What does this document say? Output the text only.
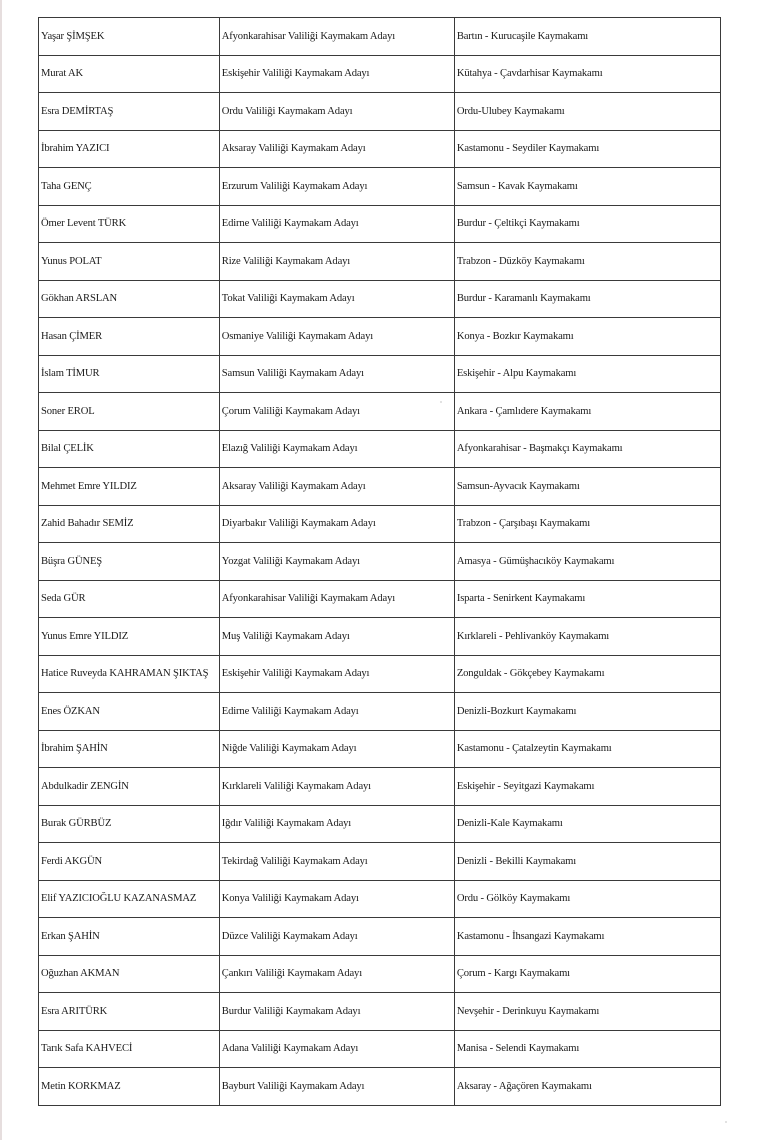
Yaşar ŞİMŞEK	Afyonkarahisar Valiliği Kaymakam Adayı	Bartın - Kurucaşile Kaymakamı
Murat AK	Eskişehir Valiliği Kaymakam Adayı	Kütahya - Çavdarhisar Kaymakamı
Esra DEMİRTAŞ	Ordu Valiliği Kaymakam Adayı	Ordu-Ulubey Kaymakamı
İbrahim YAZICI	Aksaray Valiliği Kaymakam Adayı	Kastamonu - Seydiler Kaymakamı
Taha GENÇ	Erzurum Valiliği Kaymakam Adayı	Samsun - Kavak Kaymakamı
Ömer Levent TÜRK	Edirne Valiliği Kaymakam Adayı	Burdur - Çeltikçi Kaymakamı
Yunus POLAT	Rize Valiliği Kaymakam Adayı	Trabzon - Düzköy Kaymakamı
Gökhan ARSLAN	Tokat Valiliği Kaymakam Adayı	Burdur - Karamanlı Kaymakamı
Hasan ÇİMER	Osmaniye Valiliği Kaymakam Adayı	Konya - Bozkır Kaymakamı
İslam TİMUR	Samsun Valiliği Kaymakam Adayı	Eskişehir - Alpu Kaymakamı
Soner EROL	Çorum Valiliği Kaymakam Adayı	Ankara - Çamlıdere Kaymakamı
Bilal ÇELİK	Elazığ Valiliği Kaymakam Adayı	Afyonkarahisar - Başmakçı Kaymakamı
Mehmet Emre YILDIZ	Aksaray Valiliği Kaymakam Adayı	Samsun-Ayvacık Kaymakamı
Zahid Bahadır SEMİZ	Diyarbakır Valiliği Kaymakam Adayı	Trabzon - Çarşıbaşı Kaymakamı
Büşra GÜNEŞ	Yozgat Valiliği Kaymakam Adayı	Amasya - Gümüşhacıköy Kaymakamı
Seda GÜR	Afyonkarahisar Valiliği Kaymakam Adayı	Isparta - Senirkent Kaymakamı
Yunus Emre YILDIZ	Muş Valiliği Kaymakam Adayı	Kırklareli - Pehlivanköy Kaymakamı
Hatice Ruveyda KAHRAMAN ŞIKTAŞ	Eskişehir Valiliği Kaymakam Adayı	Zonguldak - Gökçebey Kaymakamı
Enes ÖZKAN	Edirne Valiliği Kaymakam Adayı	Denizli-Bozkurt Kaymakamı
İbrahim ŞAHİN	Niğde Valiliği Kaymakam Adayı	Kastamonu - Çatalzeytin Kaymakamı
Abdulkadir ZENGİN	Kırklareli Valiliği Kaymakam Adayı	Eskişehir - Seyitgazi Kaymakamı
Burak GÜRBÜZ	Iğdır Valiliği Kaymakam Adayı	Denizli-Kale Kaymakamı
Ferdi AKGÜN	Tekirdağ Valiliği Kaymakam Adayı	Denizli - Bekilli Kaymakamı
Elif YAZICIOĞLU KAZANASMAZ	Konya Valiliği Kaymakam Adayı	Ordu - Gölköy Kaymakamı
Erkan ŞAHİN	Düzce Valiliği Kaymakam Adayı	Kastamonu - İhsangazi Kaymakamı
Oğuzhan AKMAN	Çankırı Valiliği Kaymakam Adayı	Çorum - Kargı Kaymakamı
Esra ARITÜRK	Burdur Valiliği Kaymakam Adayı	Nevşehir - Derinkuyu Kaymakamı
Tarık Safa KAHVECİ	Adana Valiliği Kaymakam Adayı	Manisa - Selendi Kaymakamı
Metin KORKMAZ	Bayburt Valiliği Kaymakam Adayı	Aksaray - Ağaçören Kaymakamı
